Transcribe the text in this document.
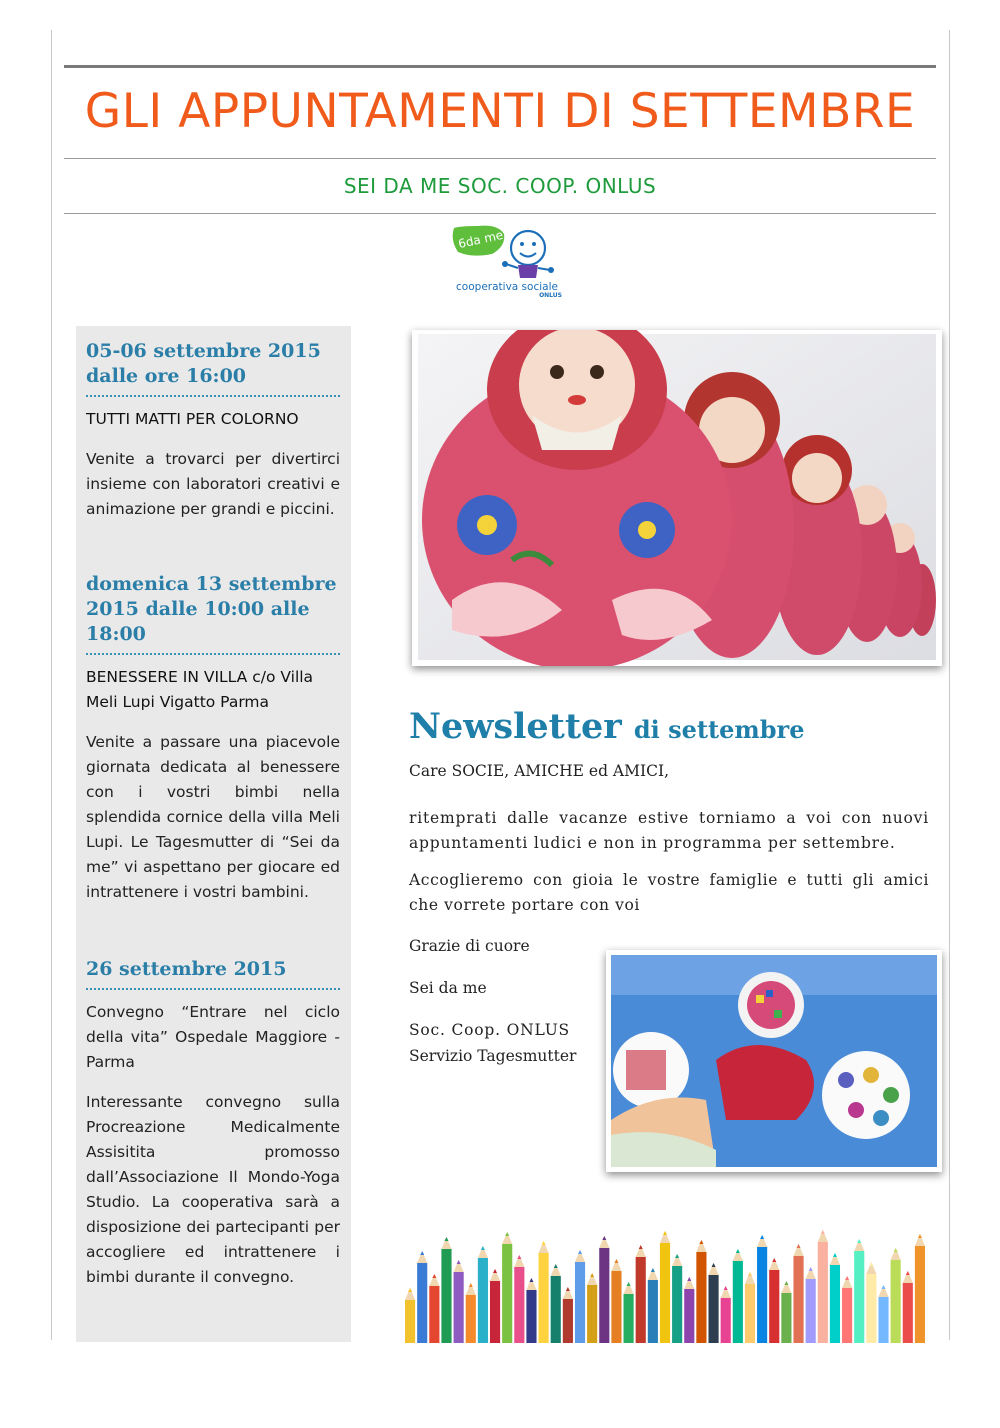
GLI APPUNTAMENTI DI SETTEMBRE
SEI DA ME SOC. COOP. ONLUS
6da me!
cooperativa sociale
ONLUS
05-06 settembre 2015 dalle ore 16:00
TUTTI MATTI PER COLORNO
Venite a trovarci per divertirci insieme con laboratori creativi e animazione per grandi e piccini.
domenica 13 settembre 2015 dalle 10:00 alle 18:00
BENESSERE IN VILLA c/o Villa Meli Lupi Vigatto Parma
Venite a passare una piacevole giornata dedicata al benessere con i vostri bimbi nella splendida cornice della villa Meli Lupi. Le Tagesmutter di “Sei da me” vi aspettano per giocare ed intrattenere i vostri bambini.
26 settembre 2015
Convegno “Entrare nel ciclo della vita” Ospedale Maggiore - Parma
Interessante convegno sulla Procreazione Medicalmente Assisitita promosso dall’Associazione Il Mondo-Yoga Studio. La cooperativa sarà a disposizione dei partecipanti per accogliere ed intrattenere i bimbi durante il convegno.
Newsletter di settembre
Care SOCIE, AMICHE ed AMICI,
ritemprati dalle vacanze estive torniamo a voi con nuovi appuntamenti ludici e non in programma per settembre.
Accoglieremo con gioia le vostre famiglie e tutti gli amici che vorrete portare con voi
Grazie di cuore
Sei da me
Soc. Coop. ONLUS
Servizio Tagesmutter
